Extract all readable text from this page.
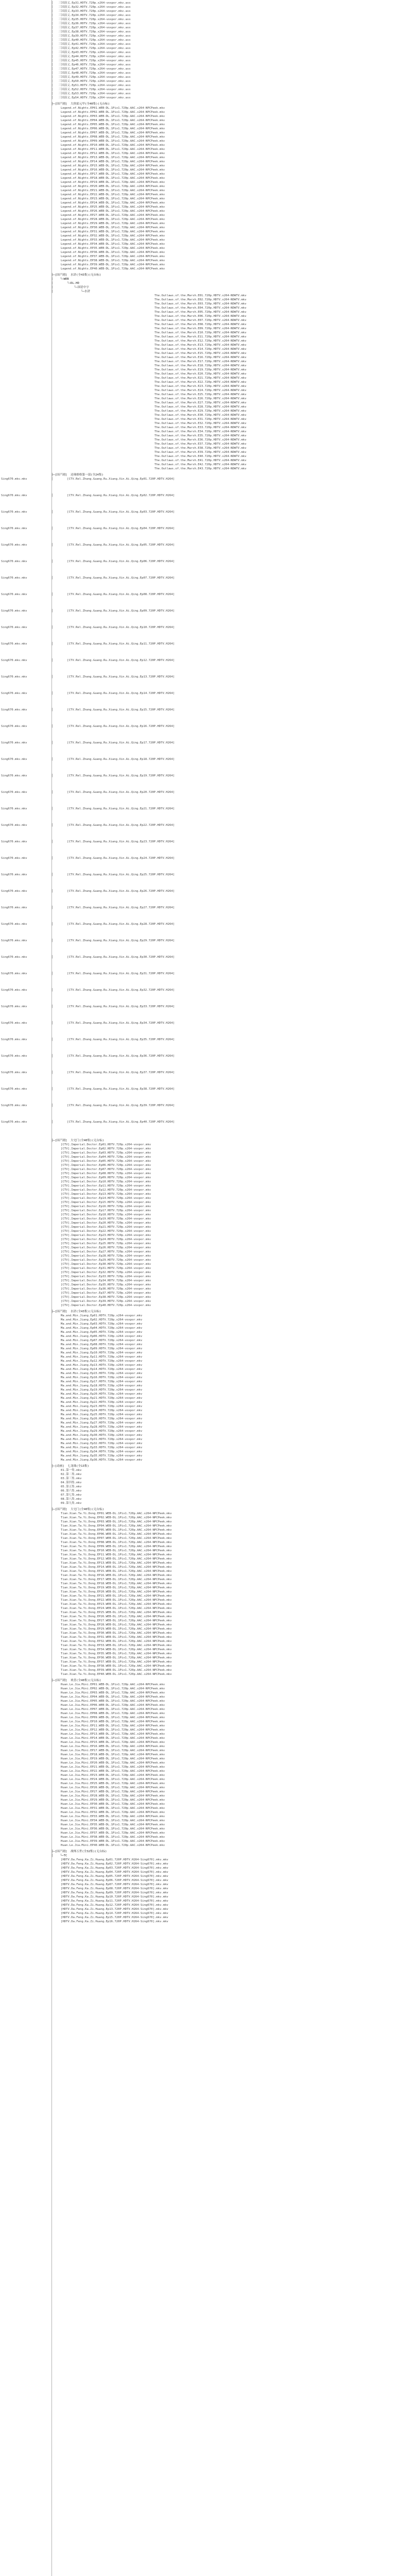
│   三国演义.Ep31.HDTV.720p.x264-voxpor.mkv.ass
│   三国演义.Ep32.HDTV.720p.x264-voxpor.mkv.ass
│   三国演义.Ep33.HDTV.720p.x264-voxpor.mkv.ass
│   三国演义.Ep34.HDTV.720p.x264-voxpor.mkv.ass
│   三国演义.Ep35.HDTV.720p.x264-voxpor.mkv.ass
│   三国演义.Ep36.HDTV.720p.x264-voxpor.mkv.ass
│   三国演义.Ep37.HDTV.720p.x264-voxpor.mkv.ass
│   三国演义.Ep38.HDTV.720p.x264-voxpor.mkv.ass
│   三国演义.Ep39.HDTV.720p.x264-voxpor.mkv.ass
│   三国演义.Ep40.HDTV.720p.x264-voxpor.mkv.ass
│   三国演义.Ep41.HDTV.720p.x264-voxpor.mkv.ass
│   三国演义.Ep42.HDTV.720p.x264-voxpor.mkv.ass
│   三国演义.Ep43.HDTV.720p.x264-voxpor.mkv.ass
│   三国演义.Ep44.HDTV.720p.x264-voxpor.mkv.ass
│   三国演义.Ep45.HDTV.720p.x264-voxpor.mkv.ass
│   三国演义.Ep46.HDTV.720p.x264-voxpor.mkv.ass
│   三国演义.Ep47.HDTV.720p.x264-voxpor.mkv.ass
│   三国演义.Ep48.HDTV.720p.x264-voxpor.mkv.ass
│   三国演义.Ep49.HDTV.720p.x264-voxpor.mkv.ass
│   三国演义.Ep50.HDTV.720p.x264-voxpor.mkv.ass
│   三国演义.Ep51.HDTV.720p.x264-voxpor.mkv.ass
│   三国演义.Ep52.HDTV.720p.x264-voxpor.mkv.ass
│   三国演义.Ep53.HDTV.720p.x264-voxpor.mkv.ass
│   三国演义.Ep54.HDTV.720p.x264-voxpor.mkv.ass
├─[国产剧]  大侠霍元甲(全40集)(无台标)
Legend.of.Nights.EP01.WEB-DL.1Pix1.720p.AAC.x264-NPCPeek.mkv
Legend.of.Nights.EP02.WEB-DL.1Pix1.720p.AAC.x264-NPCPeek.mkv
Legend.of.Nights.EP03.WEB-DL.1Pix1.720p.AAC.x264-NPCPeek.mkv
Legend.of.Nights.EP04.WEB-DL.1Pix1.720p.AAC.x264-NPCPeek.mkv
Legend.of.Nights.EP05.WEB-DL.1Pix1.720p.AAC.x264-NPCPeek.mkv
Legend.of.Nights.EP06.WEB-DL.1Pix1.720p.AAC.x264-NPCPeek.mkv
Legend.of.Nights.EP07.WEB-DL.1Pix1.720p.AAC.x264-NPCPeek.mkv
Legend.of.Nights.EP08.WEB-DL.1Pix1.720p.AAC.x264-NPCPeek.mkv
Legend.of.Nights.EP09.WEB-DL.1Pix1.720p.AAC.x264-NPCPeek.mkv
Legend.of.Nights.EP10.WEB-DL.1Pix1.720p.AAC.x264-NPCPeek.mkv
Legend.of.Nights.EP11.WEB-DL.1Pix1.720p.AAC.x264-NPCPeek.mkv
Legend.of.Nights.EP12.WEB-DL.1Pix1.720p.AAC.x264-NPCPeek.mkv
Legend.of.Nights.EP13.WEB-DL.1Pix1.720p.AAC.x264-NPCPeek.mkv
Legend.of.Nights.EP14.WEB-DL.1Pix1.720p.AAC.x264-NPCPeek.mkv
Legend.of.Nights.EP15.WEB-DL.1Pix1.720p.AAC.x264-NPCPeek.mkv
Legend.of.Nights.EP16.WEB-DL.1Pix1.720p.AAC.x264-NPCPeek.mkv
Legend.of.Nights.EP17.WEB-DL.1Pix1.720p.AAC.x264-NPCPeek.mkv
Legend.of.Nights.EP18.WEB-DL.1Pix1.720p.AAC.x264-NPCPeek.mkv
Legend.of.Nights.EP19.WEB-DL.1Pix1.720p.AAC.x264-NPCPeek.mkv
Legend.of.Nights.EP20.WEB-DL.1Pix1.720p.AAC.x264-NPCPeek.mkv
Legend.of.Nights.EP21.WEB-DL.1Pix1.720p.AAC.x264-NPCPeek.mkv
Legend.of.Nights.EP22.WEB-DL.1Pix1.720p.AAC.x264-NPCPeek.mkv
Legend.of.Nights.EP23.WEB-DL.1Pix1.720p.AAC.x264-NPCPeek.mkv
Legend.of.Nights.EP24.WEB-DL.1Pix1.720p.AAC.x264-NPCPeek.mkv
Legend.of.Nights.EP25.WEB-DL.1Pix1.720p.AAC.x264-NPCPeek.mkv
Legend.of.Nights.EP26.WEB-DL.1Pix1.720p.AAC.x264-NPCPeek.mkv
Legend.of.Nights.EP27.WEB-DL.1Pix1.720p.AAC.x264-NPCPeek.mkv
Legend.of.Nights.EP28.WEB-DL.1Pix1.720p.AAC.x264-NPCPeek.mkv
Legend.of.Nights.EP29.WEB-DL.1Pix1.720p.AAC.x264-NPCPeek.mkv
Legend.of.Nights.EP30.WEB-DL.1Pix1.720p.AAC.x264-NPCPeek.mkv
Legend.of.Nights.EP31.WEB-DL.1Pix1.720p.AAC.x264-NPCPeek.mkv
Legend.of.Nights.EP32.WEB-DL.1Pix1.720p.AAC.x264-NPCPeek.mkv
Legend.of.Nights.EP33.WEB-DL.1Pix1.720p.AAC.x264-NPCPeek.mkv
Legend.of.Nights.EP34.WEB-DL.1Pix1.720p.AAC.x264-NPCPeek.mkv
Legend.of.Nights.EP35.WEB-DL.1Pix1.720p.AAC.x264-NPCPeek.mkv
Legend.of.Nights.EP36.WEB-DL.1Pix1.720p.AAC.x264-NPCPeek.mkv
Legend.of.Nights.EP37.WEB-DL.1Pix1.720p.AAC.x264-NPCPeek.mkv
Legend.of.Nights.EP38.WEB-DL.1Pix1.720p.AAC.x264-NPCPeek.mkv
Legend.of.Nights.EP39.WEB-DL.1Pix1.720p.AAC.x264-NPCPeek.mkv
Legend.of.Nights.EP40.WEB-DL.1Pix1.720p.AAC.x264-NPCPeek.mkv
├─[国产剧]  水浒(全43集)(无台标)
│    └─WEB
│        └─DL.HD
│            └─国语中字
│                └─水浒
The.Outlaws.of.the.Marsh.E01.720p.HDTV.x264-NDWTV.mkv
The.Outlaws.of.the.Marsh.E02.720p.HDTV.x264-NDWTV.mkv
The.Outlaws.of.the.Marsh.E03.720p.HDTV.x264-NDWTV.mkv
The.Outlaws.of.the.Marsh.E04.720p.HDTV.x264-NDWTV.mkv
The.Outlaws.of.the.Marsh.E05.720p.HDTV.x264-NDWTV.mkv
The.Outlaws.of.the.Marsh.E06.720p.HDTV.x264-NDWTV.mkv
The.Outlaws.of.the.Marsh.E07.720p.HDTV.x264-NDWTV.mkv
The.Outlaws.of.the.Marsh.E08.720p.HDTV.x264-NDWTV.mkv
The.Outlaws.of.the.Marsh.E09.720p.HDTV.x264-NDWTV.mkv
The.Outlaws.of.the.Marsh.E10.720p.HDTV.x264-NDWTV.mkv
The.Outlaws.of.the.Marsh.E11.720p.HDTV.x264-NDWTV.mkv
The.Outlaws.of.the.Marsh.E12.720p.HDTV.x264-NDWTV.mkv
The.Outlaws.of.the.Marsh.E13.720p.HDTV.x264-NDWTV.mkv
The.Outlaws.of.the.Marsh.E14.720p.HDTV.x264-NDWTV.mkv
The.Outlaws.of.the.Marsh.E15.720p.HDTV.x264-NDWTV.mkv
The.Outlaws.of.the.Marsh.E16.720p.HDTV.x264-NDWTV.mkv
The.Outlaws.of.the.Marsh.E17.720p.HDTV.x264-NDWTV.mkv
The.Outlaws.of.the.Marsh.E18.720p.HDTV.x264-NDWTV.mkv
The.Outlaws.of.the.Marsh.E19.720p.HDTV.x264-NDWTV.mkv
The.Outlaws.of.the.Marsh.E20.720p.HDTV.x264-NDWTV.mkv
The.Outlaws.of.the.Marsh.E21.720p.HDTV.x264-NDWTV.mkv
The.Outlaws.of.the.Marsh.E22.720p.HDTV.x264-NDWTV.mkv
The.Outlaws.of.the.Marsh.E23.720p.HDTV.x264-NDWTV.mkv
The.Outlaws.of.the.Marsh.E24.720p.HDTV.x264-NDWTV.mkv
The.Outlaws.of.the.Marsh.E25.720p.HDTV.x264-NDWTV.mkv
The.Outlaws.of.the.Marsh.E26.720p.HDTV.x264-NDWTV.mkv
The.Outlaws.of.the.Marsh.E27.720p.HDTV.x264-NDWTV.mkv
The.Outlaws.of.the.Marsh.E28.720p.HDTV.x264-NDWTV.mkv
The.Outlaws.of.the.Marsh.E29.720p.HDTV.x264-NDWTV.mkv
The.Outlaws.of.the.Marsh.E30.720p.HDTV.x264-NDWTV.mkv
The.Outlaws.of.the.Marsh.E31.720p.HDTV.x264-NDWTV.mkv
The.Outlaws.of.the.Marsh.E32.720p.HDTV.x264-NDWTV.mkv
The.Outlaws.of.the.Marsh.E33.720p.HDTV.x264-NDWTV.mkv
The.Outlaws.of.the.Marsh.E34.720p.HDTV.x264-NDWTV.mkv
The.Outlaws.of.the.Marsh.E35.720p.HDTV.x264-NDWTV.mkv
The.Outlaws.of.the.Marsh.E36.720p.HDTV.x264-NDWTV.mkv
The.Outlaws.of.the.Marsh.E37.720p.HDTV.x264-NDWTV.mkv
The.Outlaws.of.the.Marsh.E38.720p.HDTV.x264-NDWTV.mkv
The.Outlaws.of.the.Marsh.E39.720p.HDTV.x264-NDWTV.mkv
The.Outlaws.of.the.Marsh.E40.720p.HDTV.x264-NDWTV.mkv
The.Outlaws.of.the.Marsh.E41.720p.HDTV.x264-NDWTV.mkv
The.Outlaws.of.the.Marsh.E42.720p.HDTV.x264-NDWTV.mkv
The.Outlaws.of.the.Marsh.E43.720p.HDTV.x264-NDWTV.mkv
├─[国产剧]  还珠格格第一部(全24集)
Sing670.mkv.mkv	│        [CTV.Rel.Zhang.Guang.Ru.Xiang.Xin.Ai.Qing.Ep01.720P.HDTV.H264]
Sing670.mkv.mkv	│        [CTV.Rel.Zhang.Guang.Ru.Xiang.Xin.Ai.Qing.Ep02.720P.HDTV.H264]
Sing670.mkv.mkv	│        [CTV.Rel.Zhang.Guang.Ru.Xiang.Xin.Ai.Qing.Ep03.720P.HDTV.H264]
Sing670.mkv.mkv	│        [CTV.Rel.Zhang.Guang.Ru.Xiang.Xin.Ai.Qing.Ep04.720P.HDTV.H264]
Sing670.mkv.mkv	│        [CTV.Rel.Zhang.Guang.Ru.Xiang.Xin.Ai.Qing.Ep05.720P.HDTV.H264]
Sing670.mkv.mkv	│        [CTV.Rel.Zhang.Guang.Ru.Xiang.Xin.Ai.Qing.Ep06.720P.HDTV.H264]
Sing670.mkv.mkv	│        [CTV.Rel.Zhang.Guang.Ru.Xiang.Xin.Ai.Qing.Ep07.720P.HDTV.H264]
Sing670.mkv.mkv	│        [CTV.Rel.Zhang.Guang.Ru.Xiang.Xin.Ai.Qing.Ep08.720P.HDTV.H264]
Sing670.mkv.mkv	│        [CTV.Rel.Zhang.Guang.Ru.Xiang.Xin.Ai.Qing.Ep09.720P.HDTV.H264]
Sing670.mkv.mkv	│        [CTV.Rel.Zhang.Guang.Ru.Xiang.Xin.Ai.Qing.Ep10.720P.HDTV.H264]
Sing670.mkv.mkv	│        [CTV.Rel.Zhang.Guang.Ru.Xiang.Xin.Ai.Qing.Ep11.720P.HDTV.H264]
Sing670.mkv.mkv	│        [CTV.Rel.Zhang.Guang.Ru.Xiang.Xin.Ai.Qing.Ep12.720P.HDTV.H264]
Sing670.mkv.mkv	│        [CTV.Rel.Zhang.Guang.Ru.Xiang.Xin.Ai.Qing.Ep13.720P.HDTV.H264]
Sing670.mkv.mkv	│        [CTV.Rel.Zhang.Guang.Ru.Xiang.Xin.Ai.Qing.Ep14.720P.HDTV.H264]
Sing670.mkv.mkv	│        [CTV.Rel.Zhang.Guang.Ru.Xiang.Xin.Ai.Qing.Ep15.720P.HDTV.H264]
Sing670.mkv.mkv	│        [CTV.Rel.Zhang.Guang.Ru.Xiang.Xin.Ai.Qing.Ep16.720P.HDTV.H264]
Sing670.mkv.mkv	│        [CTV.Rel.Zhang.Guang.Ru.Xiang.Xin.Ai.Qing.Ep17.720P.HDTV.H264]
Sing670.mkv.mkv	│        [CTV.Rel.Zhang.Guang.Ru.Xiang.Xin.Ai.Qing.Ep18.720P.HDTV.H264]
Sing670.mkv.mkv	│        [CTV.Rel.Zhang.Guang.Ru.Xiang.Xin.Ai.Qing.Ep19.720P.HDTV.H264]
Sing670.mkv.mkv	│        [CTV.Rel.Zhang.Guang.Ru.Xiang.Xin.Ai.Qing.Ep20.720P.HDTV.H264]
Sing670.mkv.mkv	│        [CTV.Rel.Zhang.Guang.Ru.Xiang.Xin.Ai.Qing.Ep21.720P.HDTV.H264]
Sing670.mkv.mkv	│        [CTV.Rel.Zhang.Guang.Ru.Xiang.Xin.Ai.Qing.Ep22.720P.HDTV.H264]
Sing670.mkv.mkv	│        [CTV.Rel.Zhang.Guang.Ru.Xiang.Xin.Ai.Qing.Ep23.720P.HDTV.H264]
Sing670.mkv.mkv	│        [CTV.Rel.Zhang.Guang.Ru.Xiang.Xin.Ai.Qing.Ep24.720P.HDTV.H264]
Sing670.mkv.mkv	│        [CTV.Rel.Zhang.Guang.Ru.Xiang.Xin.Ai.Qing.Ep25.720P.HDTV.H264]
Sing670.mkv.mkv	│        [CTV.Rel.Zhang.Guang.Ru.Xiang.Xin.Ai.Qing.Ep26.720P.HDTV.H264]
Sing670.mkv.mkv	│        [CTV.Rel.Zhang.Guang.Ru.Xiang.Xin.Ai.Qing.Ep27.720P.HDTV.H264]
Sing670.mkv.mkv	│        [CTV.Rel.Zhang.Guang.Ru.Xiang.Xin.Ai.Qing.Ep28.720P.HDTV.H264]
Sing670.mkv.mkv	│        [CTV.Rel.Zhang.Guang.Ru.Xiang.Xin.Ai.Qing.Ep29.720P.HDTV.H264]
Sing670.mkv.mkv	│        [CTV.Rel.Zhang.Guang.Ru.Xiang.Xin.Ai.Qing.Ep30.720P.HDTV.H264]
Sing670.mkv.mkv	│        [CTV.Rel.Zhang.Guang.Ru.Xiang.Xin.Ai.Qing.Ep31.720P.HDTV.H264]
Sing670.mkv.mkv	│        [CTV.Rel.Zhang.Guang.Ru.Xiang.Xin.Ai.Qing.Ep32.720P.HDTV.H264]
Sing670.mkv.mkv	│        [CTV.Rel.Zhang.Guang.Ru.Xiang.Xin.Ai.Qing.Ep33.720P.HDTV.H264]
Sing670.mkv.mkv	│        [CTV.Rel.Zhang.Guang.Ru.Xiang.Xin.Ai.Qing.Ep34.720P.HDTV.H264]
Sing670.mkv.mkv	│        [CTV.Rel.Zhang.Guang.Ru.Xiang.Xin.Ai.Qing.Ep35.720P.HDTV.H264]
Sing670.mkv.mkv	│        [CTV.Rel.Zhang.Guang.Ru.Xiang.Xin.Ai.Qing.Ep36.720P.HDTV.H264]
Sing670.mkv.mkv	│        [CTV.Rel.Zhang.Guang.Ru.Xiang.Xin.Ai.Qing.Ep37.720P.HDTV.H264]
Sing670.mkv.mkv	│        [CTV.Rel.Zhang.Guang.Ru.Xiang.Xin.Ai.Qing.Ep38.720P.HDTV.H264]
Sing670.mkv.mkv	│        [CTV.Rel.Zhang.Guang.Ru.Xiang.Xin.Ai.Qing.Ep39.720P.HDTV.H264]
Sing670.mkv.mkv	│        [CTV.Rel.Zhang.Guang.Ru.Xiang.Xin.Ai.Qing.Ep40.720P.HDTV.H264]
├─[国产剧]  大宅门(全40集)(无台标)
[CTV].Imperial.Doctor.Ep01.HDTV.720p.x264-voxpor.mkv
[CTV].Imperial.Doctor.Ep02.HDTV.720p.x264-voxpor.mkv
[CTV].Imperial.Doctor.Ep03.HDTV.720p.x264-voxpor.mkv
[CTV].Imperial.Doctor.Ep04.HDTV.720p.x264-voxpor.mkv
[CTV].Imperial.Doctor.Ep05.HDTV.720p.x264-voxpor.mkv
[CTV].Imperial.Doctor.Ep06.HDTV.720p.x264-voxpor.mkv
[CTV].Imperial.Doctor.Ep07.HDTV.720p.x264-voxpor.mkv
[CTV].Imperial.Doctor.Ep08.HDTV.720p.x264-voxpor.mkv
[CTV].Imperial.Doctor.Ep09.HDTV.720p.x264-voxpor.mkv
[CTV].Imperial.Doctor.Ep10.HDTV.720p.x264-voxpor.mkv
[CTV].Imperial.Doctor.Ep11.HDTV.720p.x264-voxpor.mkv
[CTV].Imperial.Doctor.Ep12.HDTV.720p.x264-voxpor.mkv
[CTV].Imperial.Doctor.Ep13.HDTV.720p.x264-voxpor.mkv
[CTV].Imperial.Doctor.Ep14.HDTV.720p.x264-voxpor.mkv
[CTV].Imperial.Doctor.Ep15.HDTV.720p.x264-voxpor.mkv
[CTV].Imperial.Doctor.Ep16.HDTV.720p.x264-voxpor.mkv
[CTV].Imperial.Doctor.Ep17.HDTV.720p.x264-voxpor.mkv
[CTV].Imperial.Doctor.Ep18.HDTV.720p.x264-voxpor.mkv
[CTV].Imperial.Doctor.Ep19.HDTV.720p.x264-voxpor.mkv
[CTV].Imperial.Doctor.Ep20.HDTV.720p.x264-voxpor.mkv
[CTV].Imperial.Doctor.Ep21.HDTV.720p.x264-voxpor.mkv
[CTV].Imperial.Doctor.Ep22.HDTV.720p.x264-voxpor.mkv
[CTV].Imperial.Doctor.Ep23.HDTV.720p.x264-voxpor.mkv
[CTV].Imperial.Doctor.Ep24.HDTV.720p.x264-voxpor.mkv
[CTV].Imperial.Doctor.Ep25.HDTV.720p.x264-voxpor.mkv
[CTV].Imperial.Doctor.Ep26.HDTV.720p.x264-voxpor.mkv
[CTV].Imperial.Doctor.Ep27.HDTV.720p.x264-voxpor.mkv
[CTV].Imperial.Doctor.Ep28.HDTV.720p.x264-voxpor.mkv
[CTV].Imperial.Doctor.Ep29.HDTV.720p.x264-voxpor.mkv
[CTV].Imperial.Doctor.Ep30.HDTV.720p.x264-voxpor.mkv
[CTV].Imperial.Doctor.Ep31.HDTV.720p.x264-voxpor.mkv
[CTV].Imperial.Doctor.Ep32.HDTV.720p.x264-voxpor.mkv
[CTV].Imperial.Doctor.Ep33.HDTV.720p.x264-voxpor.mkv
[CTV].Imperial.Doctor.Ep34.HDTV.720p.x264-voxpor.mkv
[CTV].Imperial.Doctor.Ep35.HDTV.720p.x264-voxpor.mkv
[CTV].Imperial.Doctor.Ep36.HDTV.720p.x264-voxpor.mkv
[CTV].Imperial.Doctor.Ep37.HDTV.720p.x264-voxpor.mkv
[CTV].Imperial.Doctor.Ep38.HDTV.720p.x264-voxpor.mkv
[CTV].Imperial.Doctor.Ep39.HDTV.720p.x264-voxpor.mkv
[CTV].Imperial.Doctor.Ep40.HDTV.720p.x264-voxpor.mkv
├─[国产剧]  水浒(全43集)(无台标)
Ma.and.Min.Jiang.Ep01.HDTV.720p.x264-voxpor.mkv
Ma.and.Min.Jiang.Ep02.HDTV.720p.x264-voxpor.mkv
Ma.and.Min.Jiang.Ep03.HDTV.720p.x264-voxpor.mkv
Ma.and.Min.Jiang.Ep04.HDTV.720p.x264-voxpor.mkv
Ma.and.Min.Jiang.Ep05.HDTV.720p.x264-voxpor.mkv
Ma.and.Min.Jiang.Ep06.HDTV.720p.x264-voxpor.mkv
Ma.and.Min.Jiang.Ep07.HDTV.720p.x264-voxpor.mkv
Ma.and.Min.Jiang.Ep08.HDTV.720p.x264-voxpor.mkv
Ma.and.Min.Jiang.Ep09.HDTV.720p.x264-voxpor.mkv
Ma.and.Min.Jiang.Ep10.HDTV.720p.x264-voxpor.mkv
Ma.and.Min.Jiang.Ep11.HDTV.720p.x264-voxpor.mkv
Ma.and.Min.Jiang.Ep12.HDTV.720p.x264-voxpor.mkv
Ma.and.Min.Jiang.Ep13.HDTV.720p.x264-voxpor.mkv
Ma.and.Min.Jiang.Ep14.HDTV.720p.x264-voxpor.mkv
Ma.and.Min.Jiang.Ep15.HDTV.720p.x264-voxpor.mkv
Ma.and.Min.Jiang.Ep16.HDTV.720p.x264-voxpor.mkv
Ma.and.Min.Jiang.Ep17.HDTV.720p.x264-voxpor.mkv
Ma.and.Min.Jiang.Ep18.HDTV.720p.x264-voxpor.mkv
Ma.and.Min.Jiang.Ep19.HDTV.720p.x264-voxpor.mkv
Ma.and.Min.Jiang.Ep20.HDTV.720p.x264-voxpor.mkv
Ma.and.Min.Jiang.Ep21.HDTV.720p.x264-voxpor.mkv
Ma.and.Min.Jiang.Ep22.HDTV.720p.x264-voxpor.mkv
Ma.and.Min.Jiang.Ep23.HDTV.720p.x264-voxpor.mkv
Ma.and.Min.Jiang.Ep24.HDTV.720p.x264-voxpor.mkv
Ma.and.Min.Jiang.Ep25.HDTV.720p.x264-voxpor.mkv
Ma.and.Min.Jiang.Ep26.HDTV.720p.x264-voxpor.mkv
Ma.and.Min.Jiang.Ep27.HDTV.720p.x264-voxpor.mkv
Ma.and.Min.Jiang.Ep28.HDTV.720p.x264-voxpor.mkv
Ma.and.Min.Jiang.Ep29.HDTV.720p.x264-voxpor.mkv
Ma.and.Min.Jiang.Ep30.HDTV.720p.x264-voxpor.mkv
Ma.and.Min.Jiang.Ep31.HDTV.720p.x264-voxpor.mkv
Ma.and.Min.Jiang.Ep32.HDTV.720p.x264-voxpor.mkv
Ma.and.Min.Jiang.Ep33.HDTV.720p.x264-voxpor.mkv
Ma.and.Min.Jiang.Ep34.HDTV.720p.x264-voxpor.mkv
Ma.and.Min.Jiang.Ep35.HDTV.720p.x264-voxpor.mkv
Ma.and.Min.Jiang.Ep36.HDTV.720p.x264-voxpor.mkv
├─[动画]  七龙珠(全13集)
01.第一集.mkv
02.第二集.mkv
03.第三集.mkv
04.第四集.mkv
05.第五集.mkv
06.第六集.mkv
07.第七集.mkv
08.第八集.mkv
09.第九集.mkv
├─[国产剧]  大宅门(全40集)(无台标)
Tian.Xian.Ta.Yi.Dong.EP01.WEB-DL.1Pix1.720p.AAC.x264-NPCPeek.mkv
Tian.Xian.Ta.Yi.Dong.EP02.WEB-DL.1Pix1.720p.AAC.x264-NPCPeek.mkv
Tian.Xian.Ta.Yi.Dong.EP03.WEB-DL.1Pix1.720p.AAC.x264-NPCPeek.mkv
Tian.Xian.Ta.Yi.Dong.EP04.WEB-DL.1Pix1.720p.AAC.x264-NPCPeek.mkv
Tian.Xian.Ta.Yi.Dong.EP05.WEB-DL.1Pix1.720p.AAC.x264-NPCPeek.mkv
Tian.Xian.Ta.Yi.Dong.EP06.WEB-DL.1Pix1.720p.AAC.x264-NPCPeek.mkv
Tian.Xian.Ta.Yi.Dong.EP07.WEB-DL.1Pix1.720p.AAC.x264-NPCPeek.mkv
Tian.Xian.Ta.Yi.Dong.EP08.WEB-DL.1Pix1.720p.AAC.x264-NPCPeek.mkv
Tian.Xian.Ta.Yi.Dong.EP09.WEB-DL.1Pix1.720p.AAC.x264-NPCPeek.mkv
Tian.Xian.Ta.Yi.Dong.EP10.WEB-DL.1Pix1.720p.AAC.x264-NPCPeek.mkv
Tian.Xian.Ta.Yi.Dong.EP11.WEB-DL.1Pix1.720p.AAC.x264-NPCPeek.mkv
Tian.Xian.Ta.Yi.Dong.EP12.WEB-DL.1Pix1.720p.AAC.x264-NPCPeek.mkv
Tian.Xian.Ta.Yi.Dong.EP13.WEB-DL.1Pix1.720p.AAC.x264-NPCPeek.mkv
Tian.Xian.Ta.Yi.Dong.EP14.WEB-DL.1Pix1.720p.AAC.x264-NPCPeek.mkv
Tian.Xian.Ta.Yi.Dong.EP15.WEB-DL.1Pix1.720p.AAC.x264-NPCPeek.mkv
Tian.Xian.Ta.Yi.Dong.EP16.WEB-DL.1Pix1.720p.AAC.x264-NPCPeek.mkv
Tian.Xian.Ta.Yi.Dong.EP17.WEB-DL.1Pix1.720p.AAC.x264-NPCPeek.mkv
Tian.Xian.Ta.Yi.Dong.EP18.WEB-DL.1Pix1.720p.AAC.x264-NPCPeek.mkv
Tian.Xian.Ta.Yi.Dong.EP19.WEB-DL.1Pix1.720p.AAC.x264-NPCPeek.mkv
Tian.Xian.Ta.Yi.Dong.EP20.WEB-DL.1Pix1.720p.AAC.x264-NPCPeek.mkv
Tian.Xian.Ta.Yi.Dong.EP21.WEB-DL.1Pix1.720p.AAC.x264-NPCPeek.mkv
Tian.Xian.Ta.Yi.Dong.EP22.WEB-DL.1Pix1.720p.AAC.x264-NPCPeek.mkv
Tian.Xian.Ta.Yi.Dong.EP23.WEB-DL.1Pix1.720p.AAC.x264-NPCPeek.mkv
Tian.Xian.Ta.Yi.Dong.EP24.WEB-DL.1Pix1.720p.AAC.x264-NPCPeek.mkv
Tian.Xian.Ta.Yi.Dong.EP25.WEB-DL.1Pix1.720p.AAC.x264-NPCPeek.mkv
Tian.Xian.Ta.Yi.Dong.EP26.WEB-DL.1Pix1.720p.AAC.x264-NPCPeek.mkv
Tian.Xian.Ta.Yi.Dong.EP27.WEB-DL.1Pix1.720p.AAC.x264-NPCPeek.mkv
Tian.Xian.Ta.Yi.Dong.EP28.WEB-DL.1Pix1.720p.AAC.x264-NPCPeek.mkv
Tian.Xian.Ta.Yi.Dong.EP29.WEB-DL.1Pix1.720p.AAC.x264-NPCPeek.mkv
Tian.Xian.Ta.Yi.Dong.EP30.WEB-DL.1Pix1.720p.AAC.x264-NPCPeek.mkv
Tian.Xian.Ta.Yi.Dong.EP31.WEB-DL.1Pix1.720p.AAC.x264-NPCPeek.mkv
Tian.Xian.Ta.Yi.Dong.EP32.WEB-DL.1Pix1.720p.AAC.x264-NPCPeek.mkv
Tian.Xian.Ta.Yi.Dong.EP33.WEB-DL.1Pix1.720p.AAC.x264-NPCPeek.mkv
Tian.Xian.Ta.Yi.Dong.EP34.WEB-DL.1Pix1.720p.AAC.x264-NPCPeek.mkv
Tian.Xian.Ta.Yi.Dong.EP35.WEB-DL.1Pix1.720p.AAC.x264-NPCPeek.mkv
Tian.Xian.Ta.Yi.Dong.EP36.WEB-DL.1Pix1.720p.AAC.x264-NPCPeek.mkv
Tian.Xian.Ta.Yi.Dong.EP37.WEB-DL.1Pix1.720p.AAC.x264-NPCPeek.mkv
Tian.Xian.Ta.Yi.Dong.EP38.WEB-DL.1Pix1.720p.AAC.x264-NPCPeek.mkv
Tian.Xian.Ta.Yi.Dong.EP39.WEB-DL.1Pix1.720p.AAC.x264-NPCPeek.mkv
Tian.Xian.Ta.Yi.Dong.EP40.WEB-DL.1Pix1.720p.AAC.x264-NPCPeek.mkv
├─[国产剧]  欢喜(全40集)(无台标)
Huan.Le.Jia.Mini.EP01.WEB-DL.1Pix1.720p.AAC.x264-NPCPeek.mkv
Huan.Le.Jia.Mini.EP02.WEB-DL.1Pix1.720p.AAC.x264-NPCPeek.mkv
Huan.Le.Jia.Mini.EP03.WEB-DL.1Pix1.720p.AAC.x264-NPCPeek.mkv
Huan.Le.Jia.Mini.EP04.WEB-DL.1Pix1.720p.AAC.x264-NPCPeek.mkv
Huan.Le.Jia.Mini.EP05.WEB-DL.1Pix1.720p.AAC.x264-NPCPeek.mkv
Huan.Le.Jia.Mini.EP06.WEB-DL.1Pix1.720p.AAC.x264-NPCPeek.mkv
Huan.Le.Jia.Mini.EP07.WEB-DL.1Pix1.720p.AAC.x264-NPCPeek.mkv
Huan.Le.Jia.Mini.EP08.WEB-DL.1Pix1.720p.AAC.x264-NPCPeek.mkv
Huan.Le.Jia.Mini.EP09.WEB-DL.1Pix1.720p.AAC.x264-NPCPeek.mkv
Huan.Le.Jia.Mini.EP10.WEB-DL.1Pix1.720p.AAC.x264-NPCPeek.mkv
Huan.Le.Jia.Mini.EP11.WEB-DL.1Pix1.720p.AAC.x264-NPCPeek.mkv
Huan.Le.Jia.Mini.EP12.WEB-DL.1Pix1.720p.AAC.x264-NPCPeek.mkv
Huan.Le.Jia.Mini.EP13.WEB-DL.1Pix1.720p.AAC.x264-NPCPeek.mkv
Huan.Le.Jia.Mini.EP14.WEB-DL.1Pix1.720p.AAC.x264-NPCPeek.mkv
Huan.Le.Jia.Mini.EP15.WEB-DL.1Pix1.720p.AAC.x264-NPCPeek.mkv
Huan.Le.Jia.Mini.EP16.WEB-DL.1Pix1.720p.AAC.x264-NPCPeek.mkv
Huan.Le.Jia.Mini.EP17.WEB-DL.1Pix1.720p.AAC.x264-NPCPeek.mkv
Huan.Le.Jia.Mini.EP18.WEB-DL.1Pix1.720p.AAC.x264-NPCPeek.mkv
Huan.Le.Jia.Mini.EP19.WEB-DL.1Pix1.720p.AAC.x264-NPCPeek.mkv
Huan.Le.Jia.Mini.EP20.WEB-DL.1Pix1.720p.AAC.x264-NPCPeek.mkv
Huan.Le.Jia.Mini.EP21.WEB-DL.1Pix1.720p.AAC.x264-NPCPeek.mkv
Huan.Le.Jia.Mini.EP22.WEB-DL.1Pix1.720p.AAC.x264-NPCPeek.mkv
Huan.Le.Jia.Mini.EP23.WEB-DL.1Pix1.720p.AAC.x264-NPCPeek.mkv
Huan.Le.Jia.Mini.EP24.WEB-DL.1Pix1.720p.AAC.x264-NPCPeek.mkv
Huan.Le.Jia.Mini.EP25.WEB-DL.1Pix1.720p.AAC.x264-NPCPeek.mkv
Huan.Le.Jia.Mini.EP26.WEB-DL.1Pix1.720p.AAC.x264-NPCPeek.mkv
Huan.Le.Jia.Mini.EP27.WEB-DL.1Pix1.720p.AAC.x264-NPCPeek.mkv
Huan.Le.Jia.Mini.EP28.WEB-DL.1Pix1.720p.AAC.x264-NPCPeek.mkv
Huan.Le.Jia.Mini.EP29.WEB-DL.1Pix1.720p.AAC.x264-NPCPeek.mkv
Huan.Le.Jia.Mini.EP30.WEB-DL.1Pix1.720p.AAC.x264-NPCPeek.mkv
Huan.Le.Jia.Mini.EP31.WEB-DL.1Pix1.720p.AAC.x264-NPCPeek.mkv
Huan.Le.Jia.Mini.EP32.WEB-DL.1Pix1.720p.AAC.x264-NPCPeek.mkv
Huan.Le.Jia.Mini.EP33.WEB-DL.1Pix1.720p.AAC.x264-NPCPeek.mkv
Huan.Le.Jia.Mini.EP34.WEB-DL.1Pix1.720p.AAC.x264-NPCPeek.mkv
Huan.Le.Jia.Mini.EP35.WEB-DL.1Pix1.720p.AAC.x264-NPCPeek.mkv
Huan.Le.Jia.Mini.EP36.WEB-DL.1Pix1.720p.AAC.x264-NPCPeek.mkv
Huan.Le.Jia.Mini.EP37.WEB-DL.1Pix1.720p.AAC.x264-NPCPeek.mkv
Huan.Le.Jia.Mini.EP38.WEB-DL.1Pix1.720p.AAC.x264-NPCPeek.mkv
Huan.Le.Jia.Mini.EP39.WEB-DL.1Pix1.720p.AAC.x264-NPCPeek.mkv
Huan.Le.Jia.Mini.EP40.WEB-DL.1Pix1.720p.AAC.x264-NPCPeek.mkv
├─[国产剧]  战烽万世(全32集)(无台标)
│    └─TC
[HDTV.Da.Feng.Ka.Zi.Huang.Ep01.720P.HDTV.H264-Sing670].mkv.mkv
[HDTV.Da.Feng.Ka.Zi.Huang.Ep02.720P.HDTV.H264-Sing670].mkv.mkv
[HDTV.Da.Feng.Ka.Zi.Huang.Ep03.720P.HDTV.H264-Sing670].mkv.mkv
[HDTV.Da.Feng.Ka.Zi.Huang.Ep04.720P.HDTV.H264-Sing670].mkv.mkv
[HDTV.Da.Feng.Ka.Zi.Huang.Ep05.720P.HDTV.H264-Sing670].mkv.mkv
[HDTV.Da.Feng.Ka.Zi.Huang.Ep06.720P.HDTV.H264-Sing670].mkv.mkv
[HDTV.Da.Feng.Ka.Zi.Huang.Ep07.720P.HDTV.H264-Sing670].mkv.mkv
[HDTV.Da.Feng.Ka.Zi.Huang.Ep08.720P.HDTV.H264-Sing670].mkv.mkv
[HDTV.Da.Feng.Ka.Zi.Huang.Ep09.720P.HDTV.H264-Sing670].mkv.mkv
[HDTV.Da.Feng.Ka.Zi.Huang.Ep10.720P.HDTV.H264-Sing670].mkv.mkv
[HDTV.Da.Feng.Ka.Zi.Huang.Ep11.720P.HDTV.H264-Sing670].mkv.mkv
[HDTV.Da.Feng.Ka.Zi.Huang.Ep12.720P.HDTV.H264-Sing670].mkv.mkv
[HDTV.Da.Feng.Ka.Zi.Huang.Ep13.720P.HDTV.H264-Sing670].mkv.mkv
[HDTV.Da.Feng.Ka.Zi.Huang.Ep14.720P.HDTV.H264-Sing670].mkv.mkv
[HDTV.Da.Feng.Ka.Zi.Huang.Ep15.720P.HDTV.H264-Sing670].mkv.mkv
[HDTV.Da.Feng.Ka.Zi.Huang.Ep16.720P.HDTV.H264-Sing670].mkv.mkv
